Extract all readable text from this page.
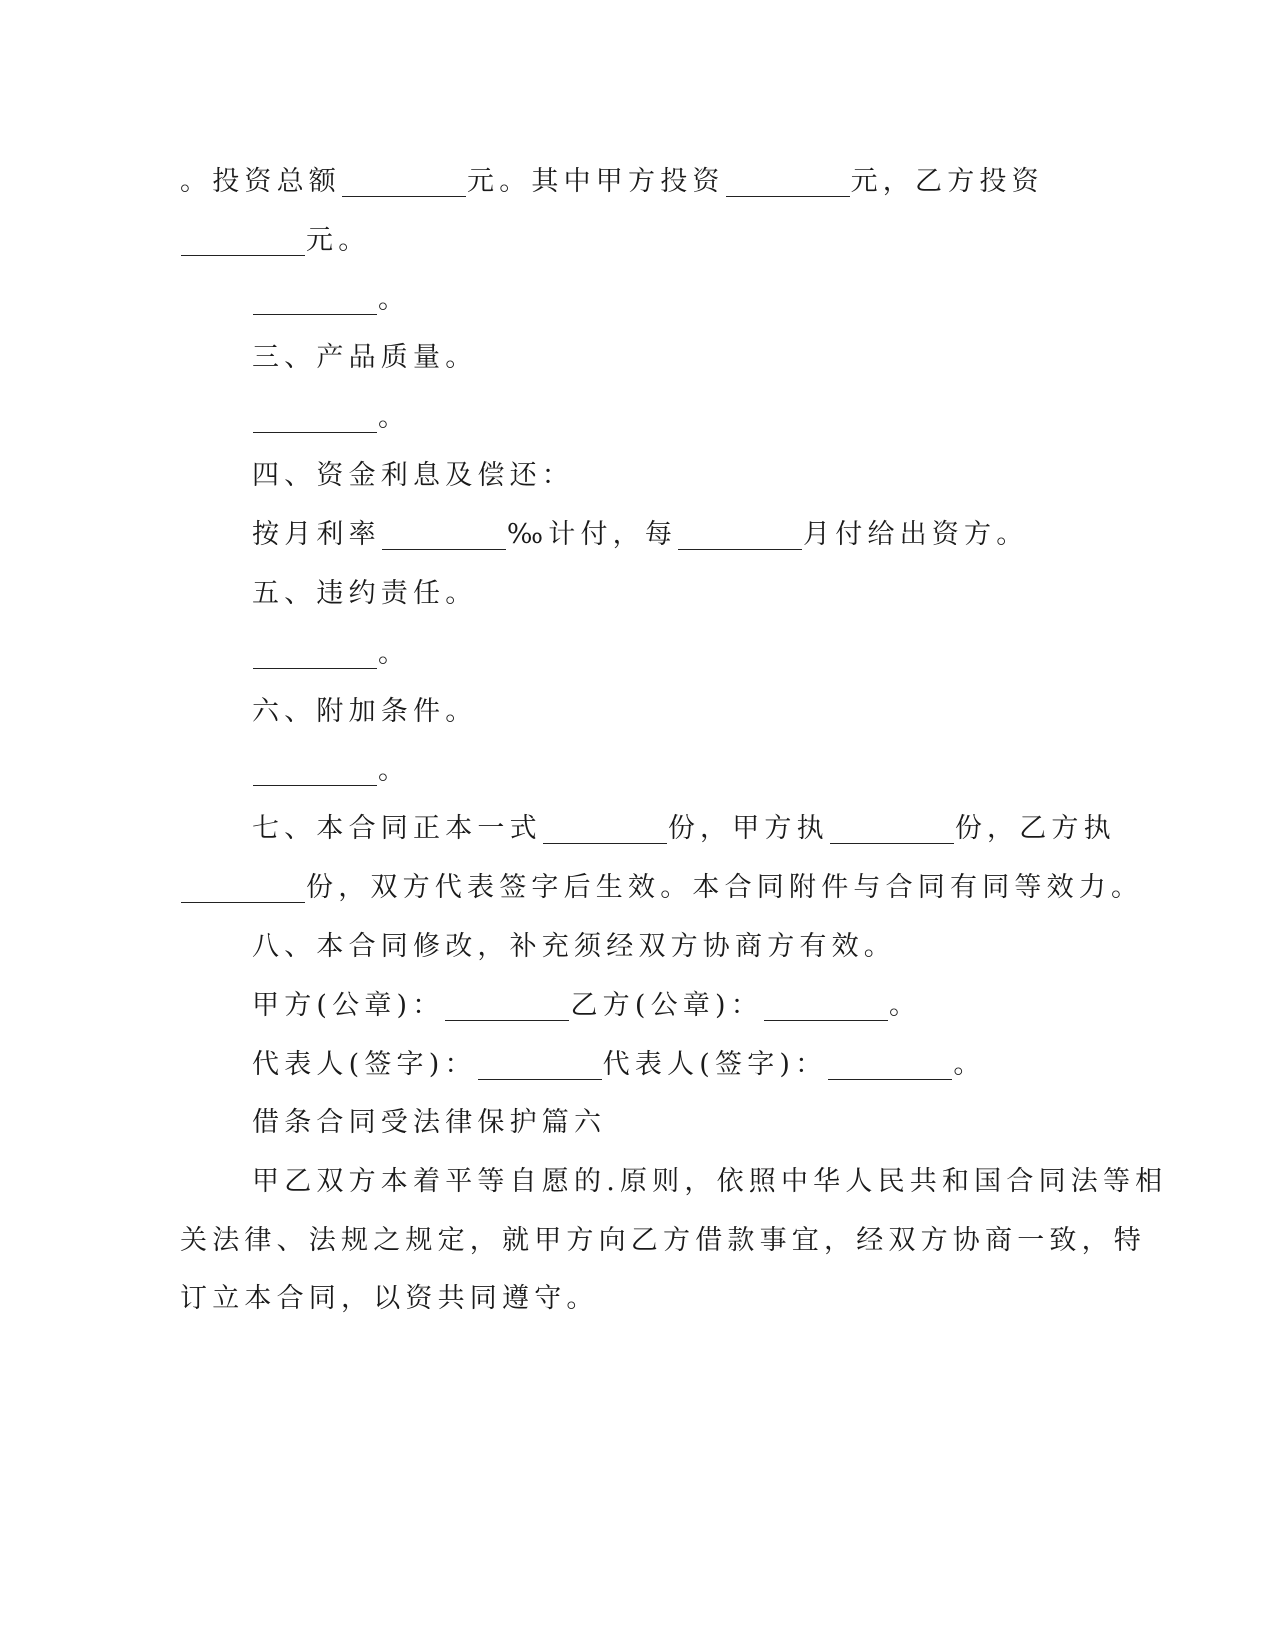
。投资总额	元。其中甲方投资	元，乙方投资
元。
。
三、产品质量。
。
四、资金利息及偿还：
按月利率	‰计付，每	月付给出资方。
五、违约责任。
。
六、附加条件。
。
七、本合同正本一式	份，甲方执	份，乙方执
份，双方代表签字后生效。本合同附件与合同有同等效力。
八、本合同修改，补充须经双方协商方有效。
甲方(公章)：	乙方(公章)：	。
代表人(签字)：	代表人(签字)：	。
借条合同受法律保护篇六
甲乙双方本着平等自愿的.原则，依照中华人民共和国合同法等相
关法律、法规之规定，就甲方向乙方借款事宜，经双方协商一致，特
订立本合同，以资共同遵守。
